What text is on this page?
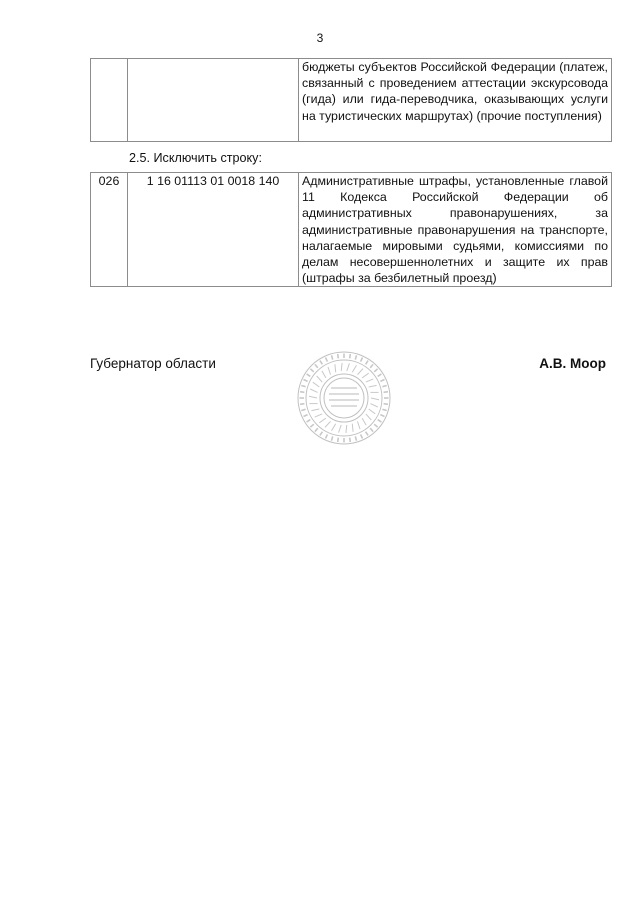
3
		бюджеты субъектов Российской Федерации (платеж, связанный с проведением аттестации экскурсовода (гида) или гида-переводчика, оказывающих услуги на туристических маршрутах) (прочие поступления)
2.5. Исключить строку:
026	1 16 01113 01 0018 140	Административные штрафы, установленные главой 11 Кодекса Российской Федерации об административных правонарушениях, за административные правонарушения на транспорте, налагаемые мировыми судьями, комиссиями по делам несовершеннолетних и защите их прав (штрафы за безбилетный проезд)
Губернатор области	А.В. Моор
